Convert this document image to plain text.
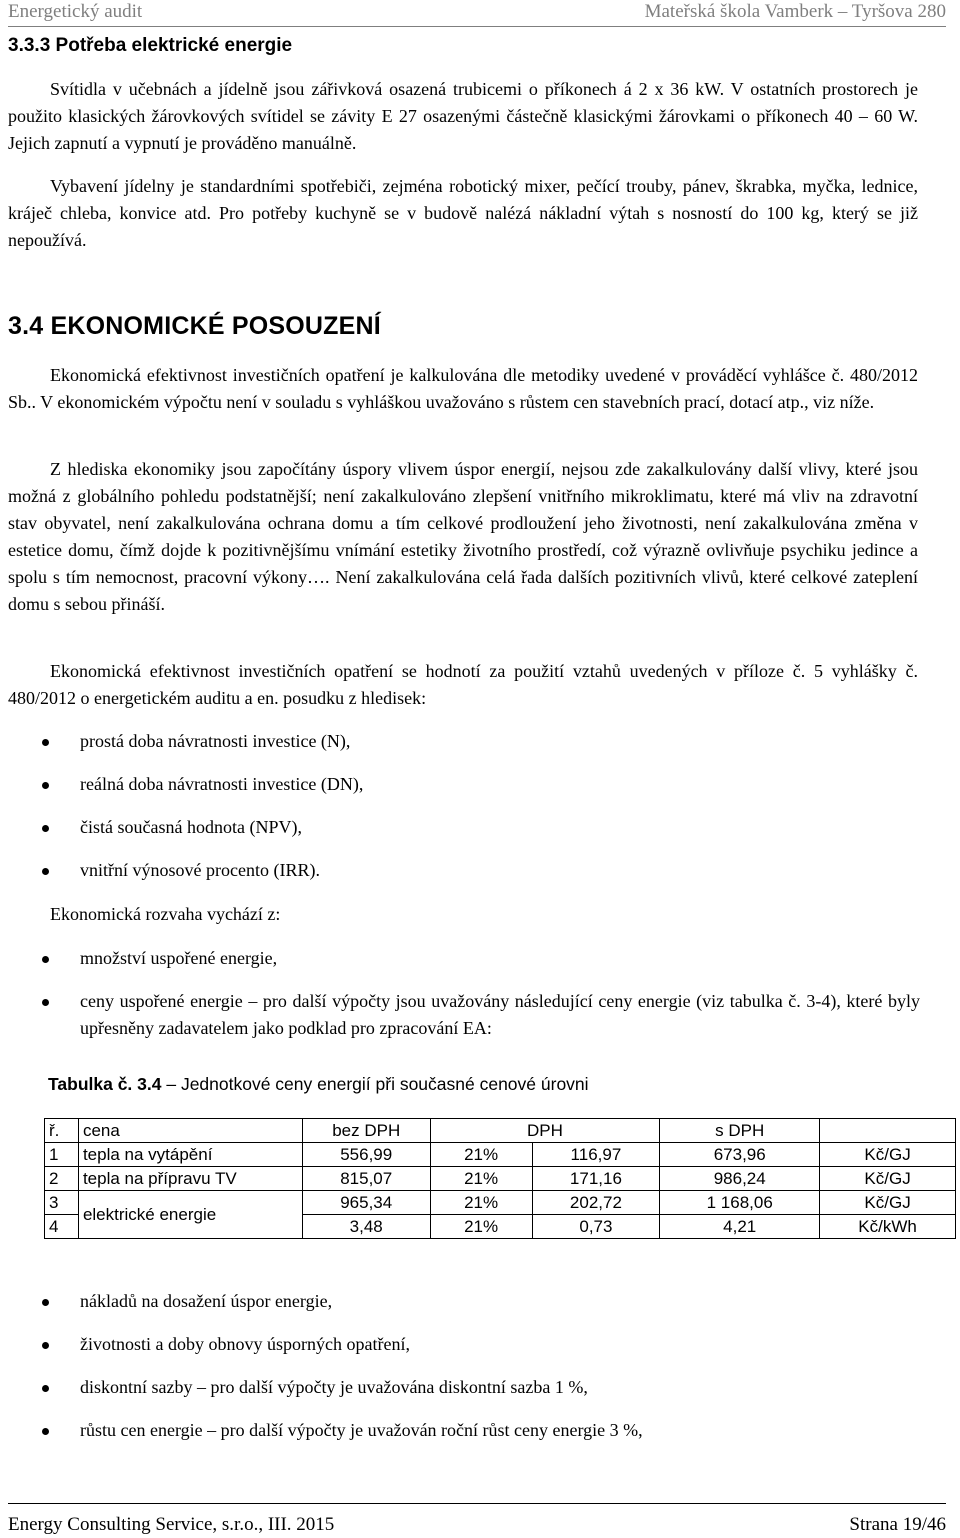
Energetický audit	Mateřská škola Vamberk – Tyršova 280
3.3.3 Potřeba elektrické energie
Svítidla v učebnách a jídelně jsou zářivková osazená trubicemi o příkonech á 2 x 36 kW. V ostatních prostorech je použito klasických žárovkových svítidel se závity E 27 osazenými částečně klasickými žárovkami o příkonech 40 – 60 W. Jejich zapnutí a vypnutí je prováděno manuálně.
Vybavení jídelny je standardními spotřebiči, zejména robotický mixer, pečící trouby, pánev, škrabka, myčka, lednice, kráječ chleba, konvice atd. Pro potřeby kuchyně se v budově nalézá nákladní výtah s nosností do 100 kg, který se již nepoužívá.
3.4 EKONOMICKÉ POSOUZENÍ
Ekonomická efektivnost investičních opatření je kalkulována dle metodiky uvedené v prováděcí vyhlášce č. 480/2012 Sb.. V ekonomickém výpočtu není v souladu s vyhláškou uvažováno s růstem cen stavebních prací, dotací atp., viz níže.
Z hlediska ekonomiky jsou započítány úspory vlivem úspor energií, nejsou zde zakalkulovány další vlivy, které jsou možná z globálního pohledu podstatnější; není zakalkulováno zlepšení vnitřního mikroklimatu, které má vliv na zdravotní stav obyvatel, není zakalkulována ochrana domu a tím celkové prodloužení jeho životnosti, není zakalkulována změna v estetice domu, čímž dojde k pozitivnějšímu vnímání estetiky životního prostředí, což výrazně ovlivňuje psychiku jedince a spolu s tím nemocnost, pracovní výkony…. Není zakalkulována celá řada dalších pozitivních vlivů, které celkové zateplení domu s sebou přináší.
Ekonomická efektivnost investičních opatření se hodnotí za použití vztahů uvedených v příloze č. 5 vyhlášky č. 480/2012 o energetickém auditu a en. posudku z hledisek:
prostá doba návratnosti investice (N),
reálná doba návratnosti investice (DN),
čistá současná hodnota (NPV),
vnitřní výnosové procento (IRR).
Ekonomická rozvaha vychází z:
množství uspořené energie,
ceny uspořené energie – pro další výpočty jsou uvažovány následující ceny energie (viz tabulka č. 3-4), které byly upřesněny zadavatelem jako podklad pro zpracování EA:
Tabulka č. 3.4 – Jednotkové ceny energií při současné cenové úrovni
ř.	cena	bez DPH	DPH		s DPH	
1	tepla na vytápění	556,99	21%	116,97	673,96	Kč/GJ
2	tepla na přípravu TV	815,07	21%	171,16	986,24	Kč/GJ
3	elektrické energie	965,34	21%	202,72	1 168,06	Kč/GJ
4		3,48	21%	0,73	4,21	Kč/kWh
nákladů na dosažení úspor energie,
životnosti a doby obnovy úsporných opatření,
diskontní sazby – pro další výpočty je uvažována diskontní sazba 1 %,
růstu cen energie – pro další výpočty je uvažován roční růst ceny energie 3 %,
Energy Consulting Service, s.r.o., III. 2015	Strana 19/46
